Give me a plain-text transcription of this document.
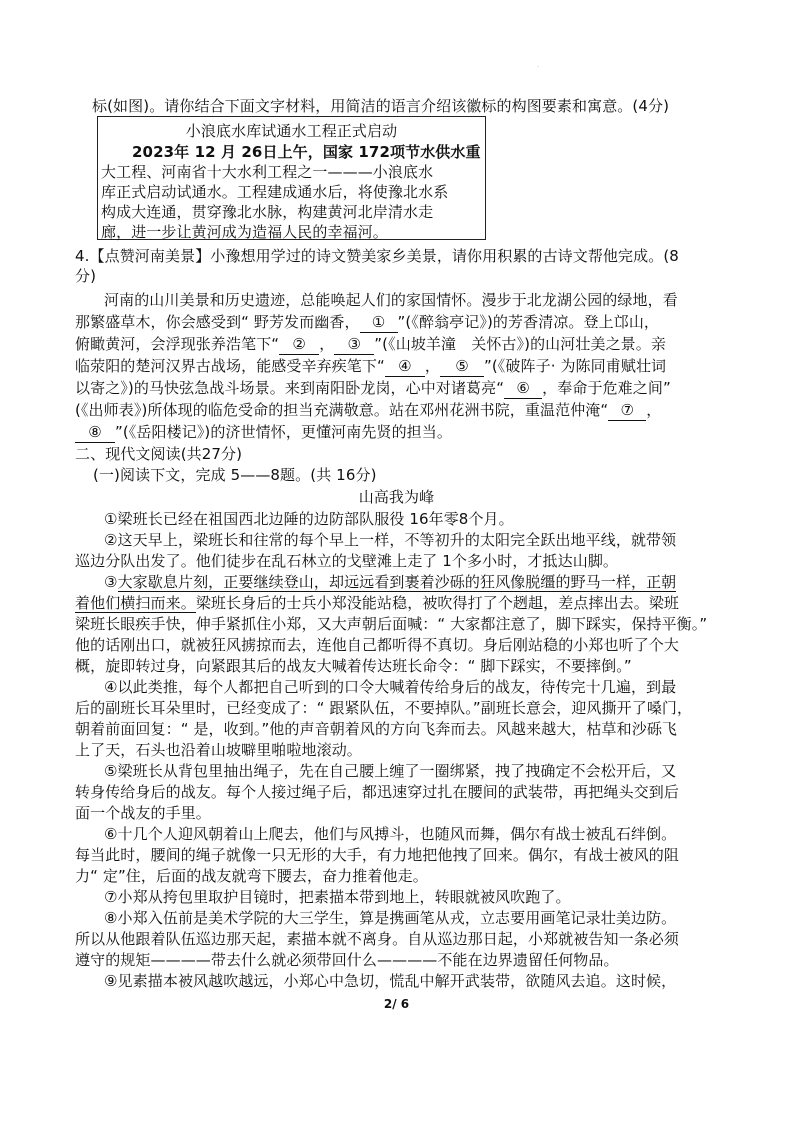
·
标(如图)。请你结合下面文字材料，用简洁的语言介绍该徽标的构图要素和寓意。(4分)
小浪底水库试通水工程正式启动
2023年 12 月 26日上午，国家 172项节水供水重
大工程、河南省十大水利工程之一———小浪底水
库正式启动试通水。工程建成通水后，将使豫北水系
构成大连通，贯穿豫北水脉，构建黄河北岸清水走
廊，进一步让黄河成为造福人民的幸福河。
4.【点赞河南美景】小豫想用学过的诗文赞美家乡美景，请你用积累的古诗文帮他完成。(8
分)
河南的山川美景和历史遗迹，总能唤起人们的家国情怀。漫步于北龙湖公园的绿地，看
那繁盛草木，你会感受到“ 野芳发而幽香， ① ”(《醉翁亭记》)的芳香清凉。登上邙山，
俯瞰黄河，会浮现张养浩笔下“ ② ， ③ ”(《山坡羊潼　关怀古》)的山河壮美之景。亲
临荥阳的楚河汉界古战场，能感受辛弃疾笔下“ ④ ， ⑤ ”(《破阵子· 为陈同甫赋壮词
以寄之》)的马快弦急战斗场景。来到南阳卧龙岗，心中对诸葛亮“ ⑥ ，奉命于危难之间”
(《出师表》)所体现的临危受命的担当充满敬意。站在邓州花洲书院，重温范仲淹“ ⑦ ，
⑧ ”(《岳阳楼记》)的济世情怀，更懂河南先贤的担当。
二、现代文阅读(共27分)
(一)阅读下文，完成 5——8题。(共 16分)
山高我为峰
①梁班长已经在祖国西北边陲的边防部队服役 16年零8个月。
②这天早上，梁班长和往常的每个早上一样，不等初升的太阳完全跃出地平线，就带领
巡边分队出发了。他们徒步在乱石林立的戈壁滩上走了 1个多小时，才抵达山脚。
③大家歇息片刻，正要继续登山，却远远看到裹着沙砾的狂风像脱缰的野马一样，正朝
着他们横扫而来。梁班长身后的士兵小郑没能站稳，被吹得打了个趔趄，差点摔出去。梁班
梁班长眼疾手快，伸手紧抓住小郑，又大声朝后面喊：“ 大家都注意了，脚下踩实，保持平衡。”
他的话刚出口，就被狂风掳掠而去，连他自己都听得不真切。身后刚站稳的小郑也听了个大
概，旋即转过身，向紧跟其后的战友大喊着传达班长命令：“ 脚下踩实，不要摔倒。”
④以此类推，每个人都把自己听到的口令大喊着传给身后的战友，待传完十几遍，到最
后的副班长耳朵里时，已经变成了：“ 跟紧队伍，不要掉队。”副班长意会，迎风撕开了嗓门，
朝着前面回复：“ 是，收到。”他的声音朝着风的方向飞奔而去。风越来越大，枯草和沙砾飞
上了天，石头也沿着山坡噼里啪啦地滚动。
⑤梁班长从背包里抽出绳子，先在自己腰上缠了一圈绑紧，拽了拽确定不会松开后，又
转身传给身后的战友。每个人接过绳子后，都迅速穿过扎在腰间的武装带，再把绳头交到后
面一个战友的手里。
⑥十几个人迎风朝着山上爬去，他们与风搏斗，也随风而舞，偶尔有战士被乱石绊倒。
每当此时，腰间的绳子就像一只无形的大手，有力地把他拽了回来。偶尔，有战士被风的阻
力“ 定”住，后面的战友就弯下腰去，奋力推着他走。
⑦小郑从挎包里取护目镜时，把素描本带到地上，转眼就被风吹跑了。
⑧小郑入伍前是美术学院的大三学生，算是携画笔从戎，立志要用画笔记录壮美边防。
所以从他跟着队伍巡边那天起，素描本就不离身。自从巡边那日起，小郑就被告知一条必须
遵守的规矩————带去什么就必须带回什么————不能在边界遗留任何物品。
⑨见素描本被风越吹越远，小郑心中急切，慌乱中解开武装带，欲随风去追。这时候，
2/ 6
